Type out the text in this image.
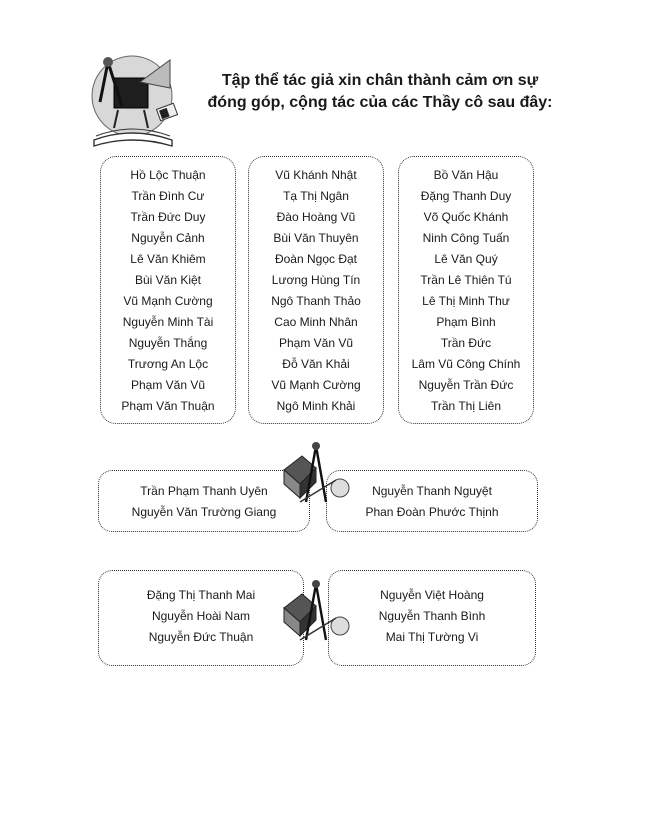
Tập thể tác giả xin chân thành cảm ơn sự
đóng góp, cộng tác của các Thầy cô sau đây:
Hồ Lộc Thuận
Trần Đình Cư
Trần Đức Duy
Nguyễn Cảnh
Lê Văn Khiêm
Bùi Văn Kiệt
Vũ Mạnh Cường
Nguyễn Minh Tài
Nguyễn Thắng
Trương An Lộc
Phạm Văn Vũ
Phạm Văn Thuận
Vũ Khánh Nhật
Tạ Thị Ngân
Đào Hoàng Vũ
Bùi Văn Thuyên
Đoàn Ngọc Đạt
Lương Hùng Tín
Ngô Thanh Thảo
Cao Minh Nhân
Phạm Văn Vũ
Đỗ Văn Khải
Vũ Mạnh Cường
Ngô Minh Khải
Bồ Văn Hậu
Đặng Thanh Duy
Võ Quốc Khánh
Ninh Công Tuấn
Lê Văn Quý
Trần Lê Thiên Tú
Lê Thị Minh Thư
Phạm Bình
Trần Đức
Lâm Vũ Công Chính
Nguyễn Trần Đức
Trần Thị Liên
Trần Phạm Thanh Uyên
Nguyễn Văn Trường Giang
Nguyễn Thanh Nguyệt
Phan Đoàn Phước Thịnh
Đặng Thị Thanh Mai
Nguyễn Hoài Nam
Nguyễn Đức Thuận
Nguyễn Việt Hoàng
Nguyễn Thanh Bình
Mai Thị Tường Vi
